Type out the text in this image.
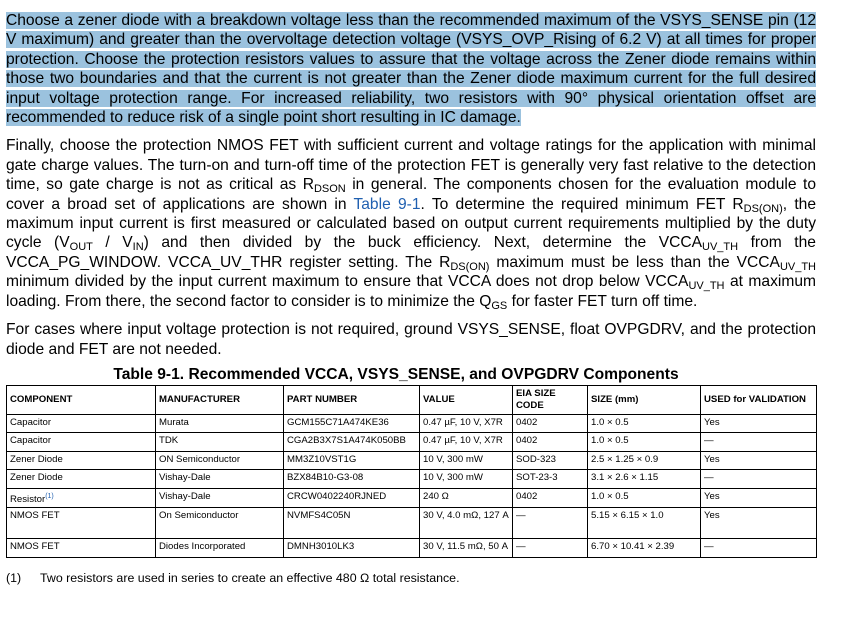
Choose a zener diode with a breakdown voltage less than the recommended maximum of the VSYS_SENSE pin (12 V maximum) and greater than the overvoltage detection voltage (VSYS_OVP_Rising of 6.2 V) at all times for proper protection. Choose the protection resistors values to assure that the voltage across the Zener diode remains within those two boundaries and that the current is not greater than the Zener diode maximum current for the full desired input voltage protection range. For increased reliability, two resistors with 90° physical orientation offset are recommended to reduce risk of a single point short resulting in IC damage.

Finally, choose the protection NMOS FET with sufficient current and voltage ratings for the application with minimal gate charge values. The turn-on and turn-off time of the protection FET is generally very fast relative to the detection time, so gate charge is not as critical as $R_{DSON}$ in general. The components chosen for the evaluation module to cover a broad set of applications are shown in Table 9-1. To determine the required minimum FET $R_{DS(ON)}$, the maximum input current is first measured or calculated based on output current requirements multiplied by the duty cycle $(V_{OUT} / V_{IN})$ and then divided by the buck efficiency. Next, determine the $VCCA_{UV\_TH}$ from the VCCA_PG_WINDOW. VCCA_UV_THR register setting. The $R_{DS(ON)}$ maximum must be less than the $VCCA_{UV\_TH}$ minimum divided by the input current maximum to ensure that VCCA does not drop below $VCCA_{UV\_TH}$ at maximum loading. From there, the second factor to consider is to minimize the $Q_{GS}$ for faster FET turn off time.

For cases where input voltage protection is not required, ground VSYS_SENSE, float OVPGDRV, and the protection diode and FET are not needed.

Table 9-1. Recommended VCCA, VSYS_SENSE, and OVPGDRV Components
COMPONENT	MANUFACTURER	PART NUMBER	VALUE	EIA SIZE CODE	SIZE (mm)	USED for VALIDATION
Capacitor	Murata	GCM155C71A474KE36	0.47 µF, 10 V, X7R	0402	1.0 × 0.5	Yes
Capacitor	TDK	CGA2B3X7S1A474K050BB	0.47 µF, 10 V, X7R	0402	1.0 × 0.5	—
Zener Diode	ON Semiconductor	MM3Z10VST1G	10 V, 300 mW	SOD-323	2.5 × 1.25 × 0.9	Yes
Zener Diode	Vishay-Dale	BZX84B10-G3-08	10 V, 300 mW	SOT-23-3	3.1 × 2.6 × 1.15	—
Resistor$^{(1)}$	Vishay-Dale	CRCW0402240RJNED	240 Ω	0402	1.0 × 0.5	Yes
NMOS FET	On Semiconductor	NVMFS4C05N	30 V, 4.0 mΩ, 127 A	—	5.15 × 6.15 × 1.0	Yes
NMOS FET	Diodes Incorporated	DMNH3010LK3	30 V, 11.5 mΩ, 50 A	—	6.70 × 10.41 × 2.39	—
(1) Two resistors are used in series to create an effective 480 Ω total resistance.
